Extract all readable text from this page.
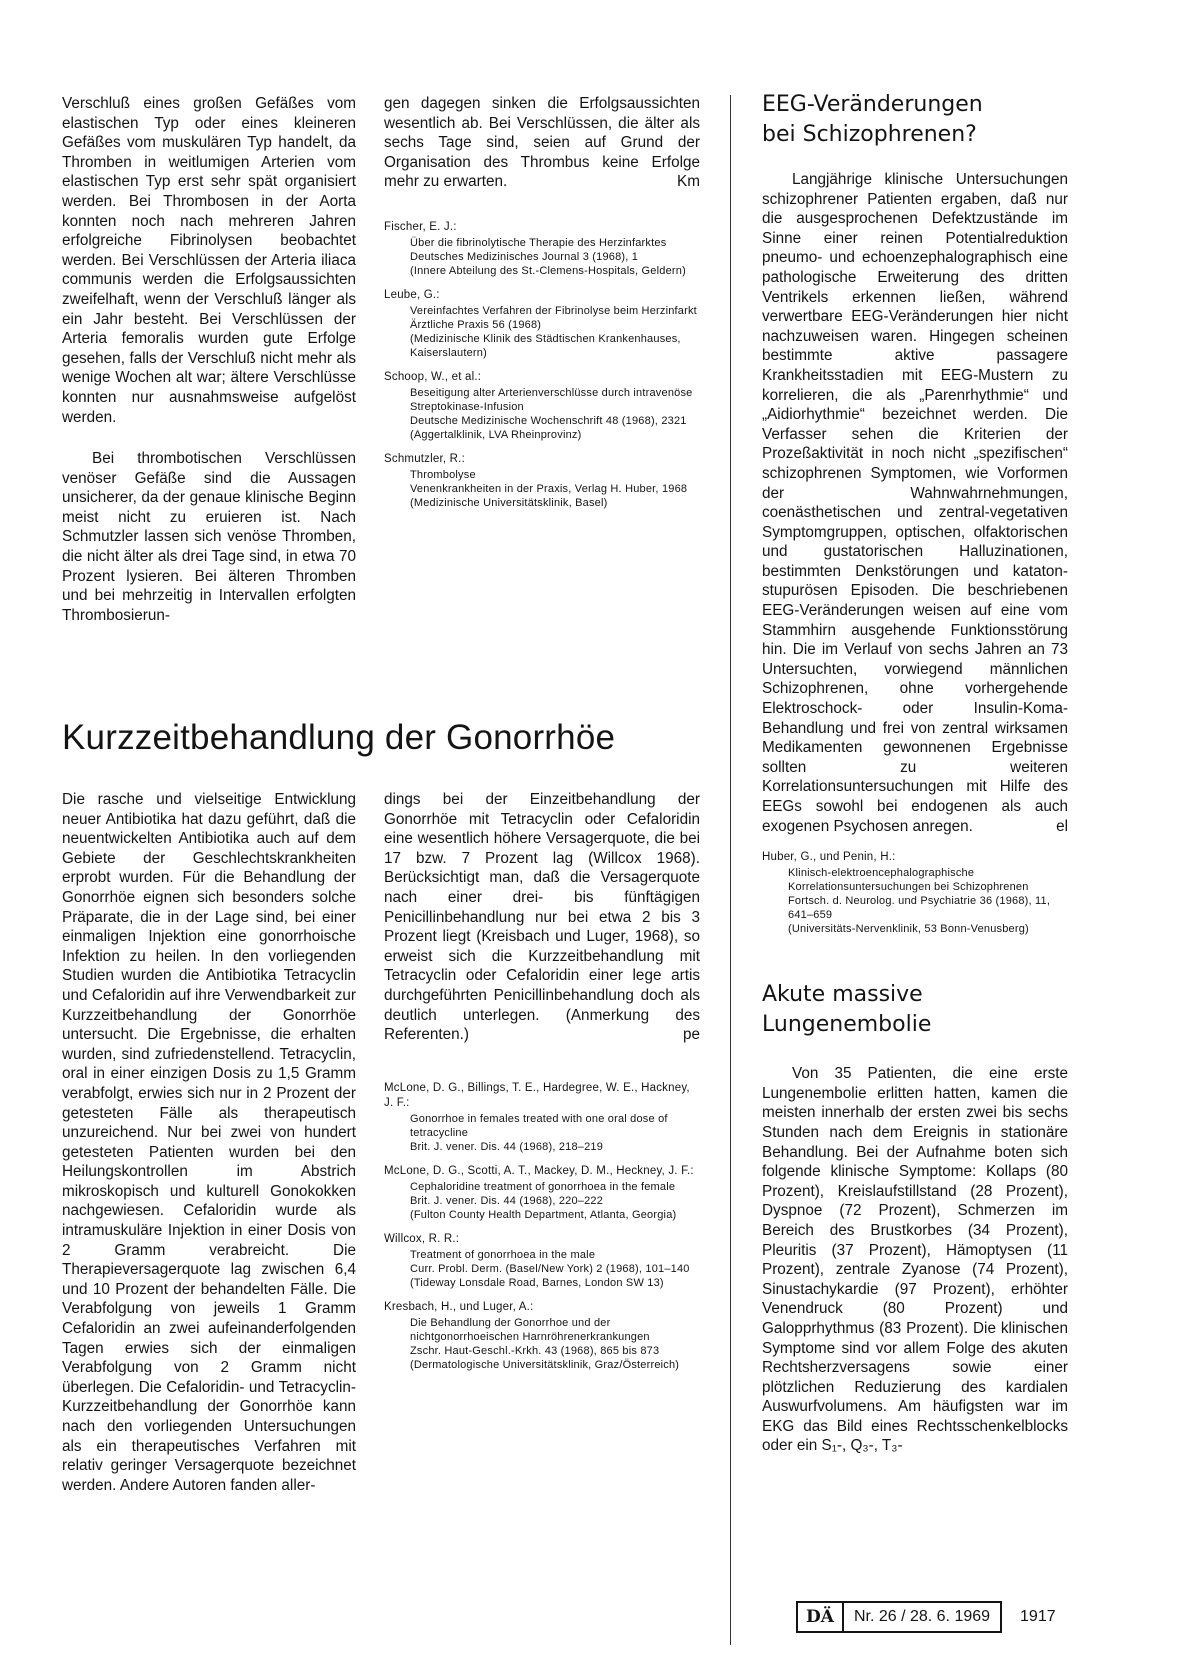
Verschluß eines großen Gefäßes vom elastischen Typ oder eines kleineren Gefäßes vom muskulären Typ handelt, da Thromben in weitlumigen Arterien vom elastischen Typ erst sehr spät organisiert werden. Bei Thrombosen in der Aorta konnten noch nach mehreren Jahren erfolgreiche Fibrinolysen beobachtet werden. Bei Verschlüssen der Arteria iliaca communis werden die Erfolgsaussichten zweifelhaft, wenn der Verschluß länger als ein Jahr besteht. Bei Verschlüssen der Arteria femoralis wurden gute Erfolge gesehen, falls der Verschluß nicht mehr als wenige Wochen alt war; ältere Verschlüsse konnten nur ausnahmsweise aufgelöst werden.

Bei thrombotischen Verschlüssen venöser Gefäße sind die Aussagen unsicherer, da der genaue klinische Beginn meist nicht zu eruieren ist. Nach Schmutzler lassen sich venöse Thromben, die nicht älter als drei Tage sind, in etwa 70 Prozent lysieren. Bei älteren Thromben und bei mehrzeitig in Intervallen erfolgten Thrombosierun-

gen dagegen sinken die Erfolgsaussichten wesentlich ab. Bei Verschlüssen, die älter als sechs Tage sind, seien auf Grund der Organisation des Thrombus keine Erfolge mehr zu erwarten.	Km

Fischer, E. J.:

Über die fibrinolytische Therapie des Herzinfarktes

Deutsches Medizinisches Journal 3 (1968), 1

(Innere Abteilung des St.-Clemens-Hospitals, Geldern)

Leube, G.:

Vereinfachtes Verfahren der Fibrinolyse beim Herzinfarkt

Ärztliche Praxis 56 (1968)

(Medizinische Klinik des Städtischen Krankenhauses, Kaiserslautern)

Schoop, W., et al.:

Beseitigung alter Arterienverschlüsse durch intravenöse Streptokinase-Infusion

Deutsche Medizinische Wochenschrift 48 (1968), 2321

(Aggertalklinik, LVA Rheinprovinz)

Schmutzler, R.:

Thrombolyse

Venenkrankheiten in der Praxis, Verlag H. Huber, 1968

(Medizinische Universitätsklinik, Basel)

Kurzzeitbehandlung der Gonorrhöe

Die rasche und vielseitige Entwicklung neuer Antibiotika hat dazu geführt, daß die neuentwickelten Antibiotika auch auf dem Gebiete der Geschlechtskrankheiten erprobt wurden. Für die Behandlung der Gonorrhöe eignen sich besonders solche Präparate, die in der Lage sind, bei einer einmaligen Injektion eine gonorrhoische Infektion zu heilen. In den vorliegenden Studien wurden die Antibiotika Tetracyclin und Cefaloridin auf ihre Verwendbarkeit zur Kurzzeitbehandlung der Gonorrhöe untersucht. Die Ergebnisse, die erhalten wurden, sind zufriedenstellend. Tetracyclin, oral in einer einzigen Dosis zu 1,5 Gramm verabfolgt, erwies sich nur in 2 Prozent der getesteten Fälle als therapeutisch unzureichend. Nur bei zwei von hundert getesteten Patienten wurden bei den Heilungskontrollen im Abstrich mikroskopisch und kulturell Gonokokken nachgewiesen. Cefaloridin wurde als intramuskuläre Injektion in einer Dosis von 2 Gramm verabreicht. Die Therapieversagerquote lag zwischen 6,4 und 10 Prozent der behandelten Fälle. Die Verabfolgung von jeweils 1 Gramm Cefaloridin an zwei aufeinanderfolgenden Tagen erwies sich der einmaligen Verabfolgung von 2 Gramm nicht überlegen. Die Cefaloridin- und Tetracyclin-Kurzzeitbehandlung der Gonorrhöe kann nach den vorliegenden Untersuchungen als ein therapeutisches Verfahren mit relativ geringer Versagerquote bezeichnet werden. Andere Autoren fanden aller-

dings bei der Einzeitbehandlung der Gonorrhöe mit Tetracyclin oder Cefaloridin eine wesentlich höhere Versagerquote, die bei 17 bzw. 7 Prozent lag (Willcox 1968). Berücksichtigt man, daß die Versagerquote nach einer drei- bis fünftägigen Penicillinbehandlung nur bei etwa 2 bis 3 Prozent liegt (Kreisbach und Luger, 1968), so erweist sich die Kurzzeitbehandlung mit Tetracyclin oder Cefaloridin einer lege artis durchgeführten Penicillinbehandlung doch als deutlich unterlegen. (Anmerkung des Referenten.)	pe

McLone, D. G., Billings, T. E., Hardegree, W. E., Hackney, J. F.:

Gonorrhoe in females treated with one oral dose of tetracycline

Brit. J. vener. Dis. 44 (1968), 218–219

McLone, D. G., Scotti, A. T., Mackey, D. M., Heckney, J. F.:

Cephaloridine treatment of gonorrhoea in the female

Brit. J. vener. Dis. 44 (1968), 220–222

(Fulton County Health Department, Atlanta, Georgia)

Willcox, R. R.:

Treatment of gonorrhoea in the male

Curr. Probl. Derm. (Basel/New York) 2 (1968), 101–140

(Tideway Lonsdale Road, Barnes, London SW 13)

Kresbach, H., und Luger, A.:

Die Behandlung der Gonorrhoe und der nichtgonorrhoeischen Harnröhrenerkrankungen

Zschr. Haut-Geschl.-Krkh. 43 (1968), 865 bis 873

(Dermatologische Universitätsklinik, Graz/Österreich)

EEG-Veränderungen
bei Schizophrenen?

Langjährige klinische Untersuchungen schizophrener Patienten ergaben, daß nur die ausgesprochenen Defektzustände im Sinne einer reinen Potentialreduktion pneumo- und echoenzephalographisch eine pathologische Erweiterung des dritten Ventrikels erkennen ließen, während verwertbare EEG-Veränderungen hier nicht nachzuweisen waren. Hingegen scheinen bestimmte aktive passagere Krankheitsstadien mit EEG-Mustern zu korrelieren, die als „Parenrhythmie“ und „Aidiorhythmie“ bezeichnet werden. Die Verfasser sehen die Kriterien der Prozeßaktivität in noch nicht „spezifischen“ schizophrenen Symptomen, wie Vorformen der Wahnwahrnehmungen, coenästhetischen und zentral-vegetativen Symptomgruppen, optischen, olfaktorischen und gustatorischen Halluzinationen, bestimmten Denkstörungen und kataton-stupurösen Episoden. Die beschriebenen EEG-Veränderungen weisen auf eine vom Stammhirn ausgehende Funktionsstörung hin. Die im Verlauf von sechs Jahren an 73 Untersuchten, vorwiegend männlichen Schizophrenen, ohne vorhergehende Elektroschock- oder Insulin-Koma-Behandlung und frei von zentral wirksamen Medikamenten gewonnenen Ergebnisse sollten zu weiteren Korrelationsuntersuchungen mit Hilfe des EEGs sowohl bei endogenen als auch exogenen Psychosen anregen.	el

Huber, G., und Penin, H.:

Klinisch-elektroencephalographische Korrelationsuntersuchungen bei Schizophrenen

Fortsch. d. Neurolog. und Psychiatrie 36 (1968), 11, 641–659

(Universitäts-Nervenklinik, 53 Bonn-Venusberg)

Akute massive
Lungenembolie

Von 35 Patienten, die eine erste Lungenembolie erlitten hatten, kamen die meisten innerhalb der ersten zwei bis sechs Stunden nach dem Ereignis in stationäre Behandlung. Bei der Aufnahme boten sich folgende klinische Symptome: Kollaps (80 Prozent), Kreislaufstillstand (28 Prozent), Dyspnoe (72 Prozent), Schmerzen im Bereich des Brustkorbes (34 Prozent), Pleuritis (37 Prozent), Hämoptysen (11 Prozent), zentrale Zyanose (74 Prozent), Sinustachykardie (97 Prozent), erhöhter Venendruck (80 Prozent) und Galopprhythmus (83 Prozent). Die klinischen Symptome sind vor allem Folge des akuten Rechtsherzversagens sowie einer plötzlichen Reduzierung des kardialen Auswurfvolumens. Am häufigsten war im EKG das Bild eines Rechtsschenkelblocks oder ein S₁-, Q₃-, T₃-

DÄ	Nr. 26 / 28. 6. 1969	1917
